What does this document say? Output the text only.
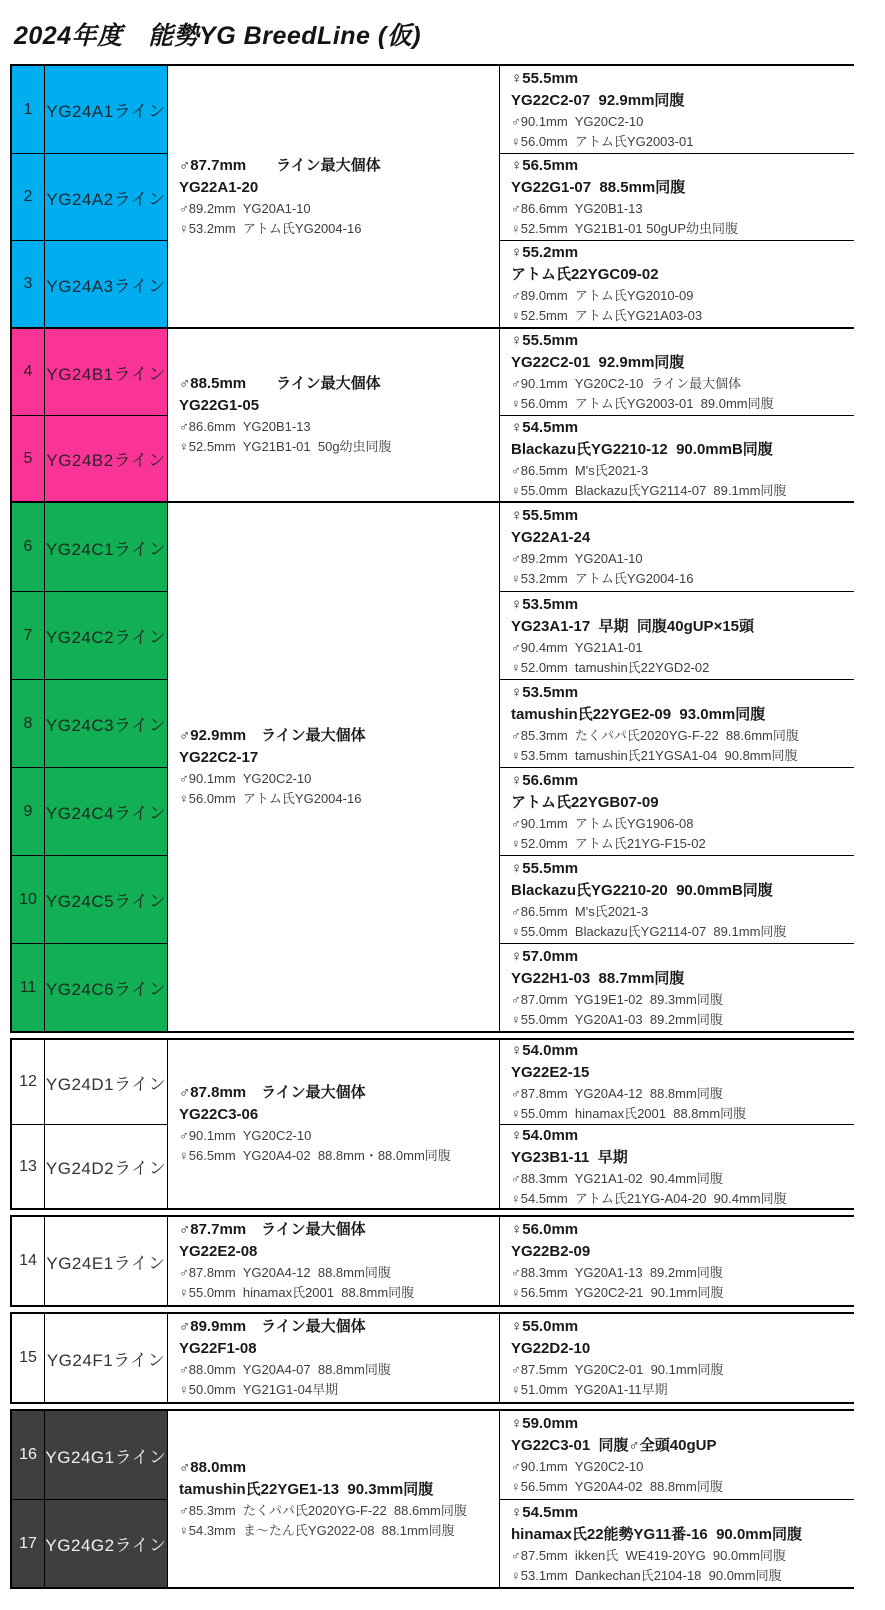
2024年度　能勢YG BreedLine (仮)
1 YG24A1ライン
2 YG24A2ライン
3 YG24A3ライン
♂87.7mm　　ライン最大個体
YG22A1-20
♂89.2mm  YG20A1-10
♀53.2mm  アトム氏YG2004-16
♀55.5mm
YG22C2-07  92.9mm同腹
♂90.1mm  YG20C2-10
♀56.0mm  アトム氏YG2003-01
♀56.5mm
YG22G1-07  88.5mm同腹
♂86.6mm  YG20B1-13
♀52.5mm  YG21B1-01 50gUP幼虫同腹
♀55.2mm
アトム氏22YGC09-02
♂89.0mm  アトム氏YG2010-09
♀52.5mm  アトム氏YG21A03-03
4 YG24B1ライン
5 YG24B2ライン
♂88.5mm　　ライン最大個体
YG22G1-05
♂86.6mm  YG20B1-13
♀52.5mm  YG21B1-01  50g幼虫同腹
♀55.5mm
YG22C2-01  92.9mm同腹
♂90.1mm  YG20C2-10  ライン最大個体
♀56.0mm  アトム氏YG2003-01  89.0mm同腹
♀54.5mm
Blackazu氏YG2210-12  90.0mmB同腹
♂86.5mm  M's氏2021-3
♀55.0mm  Blackazu氏YG2114-07  89.1mm同腹
6 YG24C1ライン
7 YG24C2ライン
8 YG24C3ライン
9 YG24C4ライン
10 YG24C5ライン
11 YG24C6ライン
♂92.9mm　ライン最大個体
YG22C2-17
♂90.1mm  YG20C2-10
♀56.0mm  アトム氏YG2004-16
♀55.5mm
YG22A1-24
♂89.2mm  YG20A1-10
♀53.2mm  アトム氏YG2004-16
♀53.5mm
YG23A1-17  早期  同腹40gUP×15頭
♂90.4mm  YG21A1-01
♀52.0mm  tamushin氏22YGD2-02
♀53.5mm
tamushin氏22YGE2-09  93.0mm同腹
♂85.3mm  たくパパ氏2020YG-F-22  88.6mm同腹
♀53.5mm  tamushin氏21YGSA1-04  90.8mm同腹
♀56.6mm
アトム氏22YGB07-09
♂90.1mm  アトム氏YG1906-08
♀52.0mm  アトム氏21YG-F15-02
♀55.5mm
Blackazu氏YG2210-20  90.0mmB同腹
♂86.5mm  M's氏2021-3
♀55.0mm  Blackazu氏YG2114-07  89.1mm同腹
♀57.0mm
YG22H1-03  88.7mm同腹
♂87.0mm  YG19E1-02  89.3mm同腹
♀55.0mm  YG20A1-03  89.2mm同腹
12 YG24D1ライン
13 YG24D2ライン
♂87.8mm　ライン最大個体
YG22C3-06
♂90.1mm  YG20C2-10
♀56.5mm  YG20A4-02  88.8mm・88.0mm同腹
♀54.0mm
YG22E2-15
♂87.8mm  YG20A4-12  88.8mm同腹
♀55.0mm  hinamax氏2001  88.8mm同腹
♀54.0mm
YG23B1-11  早期
♂88.3mm  YG21A1-02  90.4mm同腹
♀54.5mm  アトム氏21YG-A04-20  90.4mm同腹
14 YG24E1ライン
♂87.7mm　ライン最大個体
YG22E2-08
♂87.8mm  YG20A4-12  88.8mm同腹
♀55.0mm  hinamax氏2001  88.8mm同腹
♀56.0mm
YG22B2-09
♂88.3mm  YG20A1-13  89.2mm同腹
♀56.5mm  YG20C2-21  90.1mm同腹
15 YG24F1ライン
♂89.9mm　ライン最大個体
YG22F1-08
♂88.0mm  YG20A4-07  88.8mm同腹
♀50.0mm  YG21G1-04早期
♀55.0mm
YG22D2-10
♂87.5mm  YG20C2-01  90.1mm同腹
♀51.0mm  YG20A1-11早期
16 YG24G1ライン
17 YG24G2ライン
♂88.0mm
tamushin氏22YGE1-13  90.3mm同腹
♂85.3mm  たくパパ氏2020YG-F-22  88.6mm同腹
♀54.3mm  ま〜たん氏YG2022-08  88.1mm同腹
♀59.0mm
YG22C3-01  同腹♂全頭40gUP
♂90.1mm  YG20C2-10
♀56.5mm  YG20A4-02  88.8mm同腹
♀54.5mm
hinamax氏22能勢YG11番-16  90.0mm同腹
♂87.5mm  ikken氏  WE419-20YG  90.0mm同腹
♀53.1mm  Dankechan氏2104-18  90.0mm同腹
